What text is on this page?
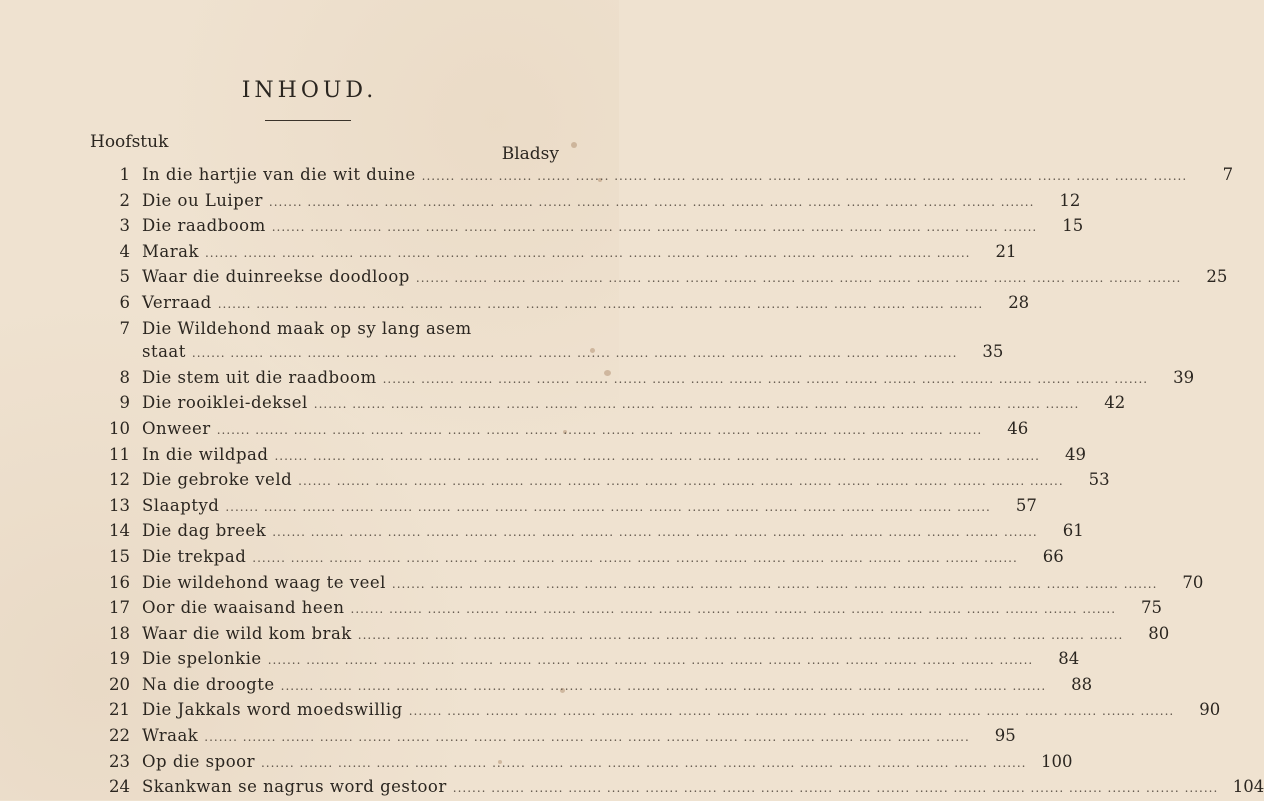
INHOUD.
Hoofstuk
Bladsy
1 In die hartjie van die wit duine ....... ....... ....... ....... ....... ....... ....... ....... ....... ....... ....... ....... ....... ....... ....... ....... ....... ....... ....... .......	7
2 Die ou Luiper ....... ....... ....... ....... ....... ....... ....... ....... ....... ....... ....... ....... ....... ....... ....... ....... ....... ....... ....... .......	12
3 Die raadboom ....... ....... ....... ....... ....... ....... ....... ....... ....... ....... ....... ....... ....... ....... ....... ....... ....... ....... ....... .......	15
4 Marak ....... ....... ....... ....... ....... ....... ....... ....... ....... ....... ....... ....... ....... ....... ....... ....... ....... ....... ....... .......	21
5 Waar die duinreekse doodloop ....... ....... ....... ....... ....... ....... ....... ....... ....... ....... ....... ....... ....... ....... ....... ....... ....... ....... ....... .......	25
6 Verraad ....... ....... ....... ....... ....... ....... ....... ....... ....... ....... ....... ....... ....... ....... ....... ....... ....... ....... ....... .......	28
7 Die Wildehond maak op sy lang asem
staat ....... ....... ....... ....... ....... ....... ....... ....... ....... ....... ....... ....... ....... ....... ....... ....... ....... ....... ....... .......	35
8 Die stem uit die raadboom ....... ....... ....... ....... ....... ....... ....... ....... ....... ....... ....... ....... ....... ....... ....... ....... ....... ....... ....... .......	39
9 Die rooiklei-deksel ....... ....... ....... ....... ....... ....... ....... ....... ....... ....... ....... ....... ....... ....... ....... ....... ....... ....... ....... .......	42
10 Onweer ....... ....... ....... ....... ....... ....... ....... ....... ....... ....... ....... ....... ....... ....... ....... ....... ....... ....... ....... .......	46
11 In die wildpad ....... ....... ....... ....... ....... ....... ....... ....... ....... ....... ....... ....... ....... ....... ....... ....... ....... ....... ....... .......	49
12 Die gebroke veld ....... ....... ....... ....... ....... ....... ....... ....... ....... ....... ....... ....... ....... ....... ....... ....... ....... ....... ....... .......	53
13 Slaaptyd ....... ....... ....... ....... ....... ....... ....... ....... ....... ....... ....... ....... ....... ....... ....... ....... ....... ....... ....... .......	57
14 Die dag breek ....... ....... ....... ....... ....... ....... ....... ....... ....... ....... ....... ....... ....... ....... ....... ....... ....... ....... ....... .......	61
15 Die trekpad ....... ....... ....... ....... ....... ....... ....... ....... ....... ....... ....... ....... ....... ....... ....... ....... ....... ....... ....... .......	66
16 Die wildehond waag te veel ....... ....... ....... ....... ....... ....... ....... ....... ....... ....... ....... ....... ....... ....... ....... ....... ....... ....... ....... .......	70
17 Oor die waaisand heen ....... ....... ....... ....... ....... ....... ....... ....... ....... ....... ....... ....... ....... ....... ....... ....... ....... ....... ....... .......	75
18 Waar die wild kom brak ....... ....... ....... ....... ....... ....... ....... ....... ....... ....... ....... ....... ....... ....... ....... ....... ....... ....... ....... .......	80
19 Die spelonkie ....... ....... ....... ....... ....... ....... ....... ....... ....... ....... ....... ....... ....... ....... ....... ....... ....... ....... ....... .......	84
20 Na die droogte ....... ....... ....... ....... ....... ....... ....... ....... ....... ....... ....... ....... ....... ....... ....... ....... ....... ....... ....... .......	88
21 Die Jakkals word moedswillig ....... ....... ....... ....... ....... ....... ....... ....... ....... ....... ....... ....... ....... ....... ....... ....... ....... ....... ....... .......	90
22 Wraak ....... ....... ....... ....... ....... ....... ....... ....... ....... ....... ....... ....... ....... ....... ....... ....... ....... ....... ....... .......	95
23 Op die spoor ....... ....... ....... ....... ....... ....... ....... ....... ....... ....... ....... ....... ....... ....... ....... ....... ....... ....... ....... ....... 100
24 Skankwan se nagrus word gestoor ....... ....... ....... ....... ....... ....... ....... ....... ....... ....... ....... ....... ....... ....... ....... ....... ....... ....... ....... ....... 104
